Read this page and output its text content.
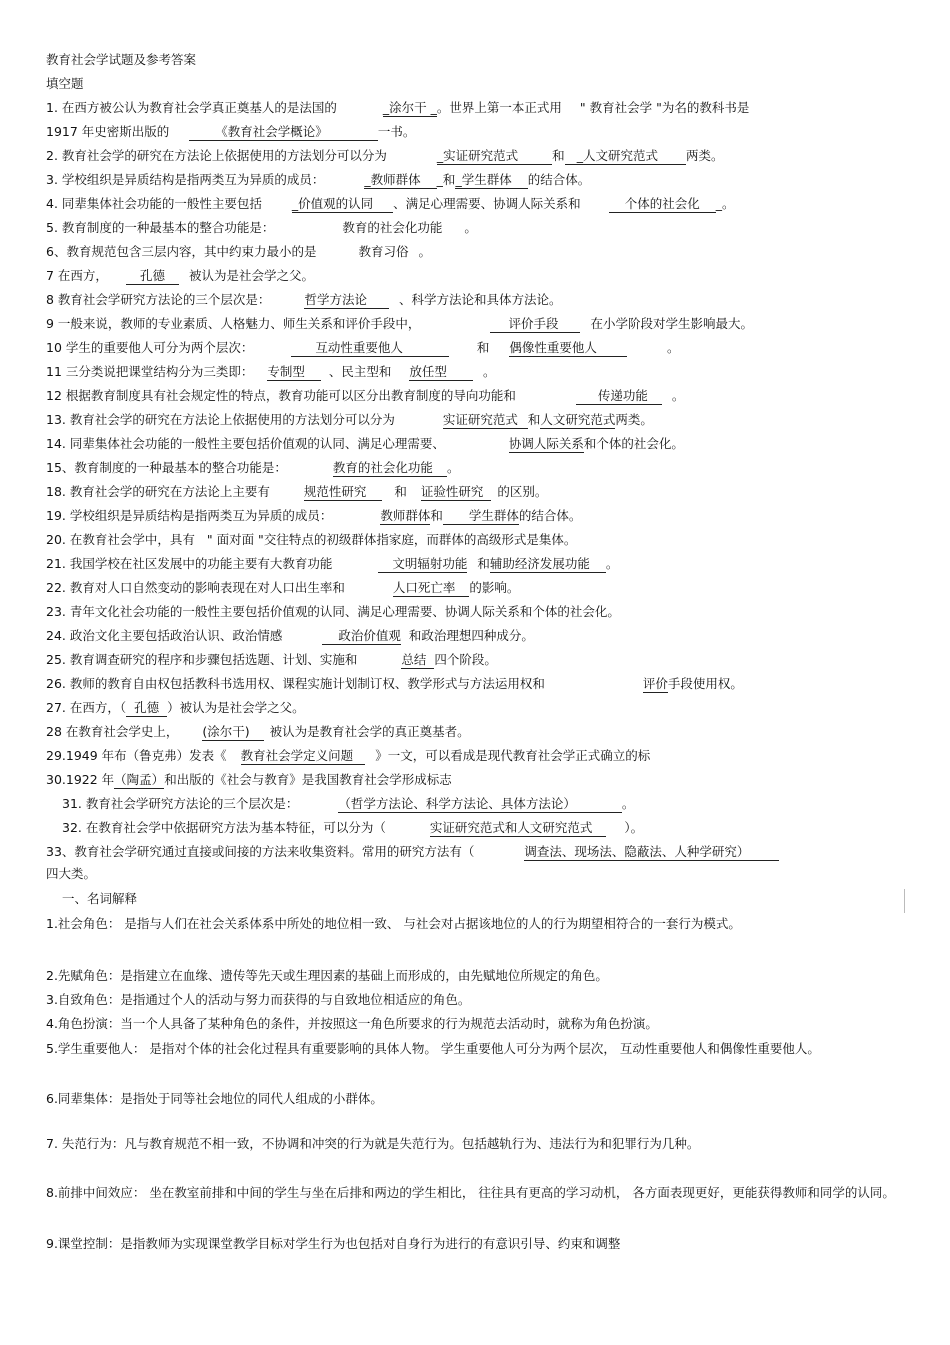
教育社会学试题及参考答案
填空题
1. 在西方被公认为教育社会学真正奠基人的是法国的	_涂尔干 _。世界上第一本正式用 " 教育社会学 "为名的教科书是
1917 年史密斯出版的	《教育社会学概论》	一书。
2. 教育社会学的研究在方法论上依据使用的方法划分可以分为	_实证研究范式	和 _人文研究范式 两类。
3. 学校组织是异质结构是指两类互为异质的成员：	_教师群体 _和_学生群体 的结合体。
4. 同辈集体社会功能的一般性主要包括 _价值观的认同 、满足心理需要、协调人际关系和	个体的社会化 _。
5. 教育制度的一种最基本的整合功能是：	教育的社会化功能 。
6、教育规范包含三层内容，其中约束力最小的是	教育习俗 。
7 在西方，	孔德 被认为是社会学之父。
8 教育社会学研究方法论的三个层次是：	哲学方法论	、科学方法论和具体方法论。
9 一般来说，教师的专业素质、人格魅力、师生关系和评价手段中，	评价手段	在小学阶段对学生影响最大。
10 学生的重要他人可分为两个层次：	互动性重要他人	和 偶像性重要他人	。
11 三分类说把课堂结构分为三类即： 专制型 、民主型和 放任型	。
12 根据教育制度具有社会规定性的特点，教育功能可以区分出教育制度的导向功能和	传递功能 。
13. 教育社会学的研究在方法论上依据使用的方法划分可以分为	实证研究范式 和人文研究范式两类。
14. 同辈集体社会功能的一般性主要包括价值观的认同、满足心理需要、	协调人际关系和个体的社会化。
15、教育制度的一种最基本的整合功能是：	教育的社会化功能 。
18. 教育社会学的研究在方法论上主要有	规范性研究 和 证验性研究 的区别。
19. 学校组织是异质结构是指两类互为异质的成员：	教师群体和 学生群体的结合体。
20. 在教育社会学中，具有 " 面对面 "交往特点的初级群体指家庭，而群体的高级形式是集体。
21. 我国学校在社区发展中的功能主要有大教育功能	文明辐射功能 和辅助经济发展功能 。
22. 教育对人口自然变动的影响表现在对人口出生率和	人口死亡率 的影响。
23. 青年文化社会功能的一般性主要包括价值观的认同、满足心理需要、协调人际关系和个体的社会化。
24. 政治文化主要包括政治认识、政治情感	政治价值观 和政治理想四种成分。
25. 教育调查研究的程序和步骤包括选题、计划、实施和	总结 四个阶段。
26. 教师的教育自由权包括教科书选用权、课程实施计划制订权、教学形式与方法运用权和	评价手段使用权。
27. 在西方，（ 孔德 ）被认为是社会学之父。
28 在教育社会学史上， (涂尔干) 被认为是教育社会学的真正奠基者。
29.1949 年布（鲁克弗）发表《 教育社会学定义问题 》一文，可以看成是现代教育社会学正式确立的标
30.1922 年（陶孟）和出版的《社会与教育》是我国教育社会学形成标志
31. 教育社会学研究方法论的三个层次是：	（哲学方法论、科学方法论、具体方法论）	。
32. 在教育社会学中依据研究方法为基本特征，可以分为（	实证研究范式和人文研究范式	）。
33、教育社会学研究通过直接或间接的方法来收集资料。常用的研究方法有（	调查法、现场法、隐蔽法、人种学研究）
四大类。
一、名词解释
1.社会角色： 是指与人们在社会关系体系中所处的地位相一致、 与社会对占据该地位的人的行为期望相符合的一套行为模式。
2.先赋角色：是指建立在血缘、遗传等先天或生理因素的基础上而形成的，由先赋地位所规定的角色。
3.自致角色：是指通过个人的活动与努力而获得的与自致地位相适应的角色。
4.角色扮演：当一个人具备了某种角色的条件，并按照这一角色所要求的行为规范去活动时，就称为角色扮演。
5.学生重要他人： 是指对个体的社会化过程具有重要影响的具体人物。 学生重要他人可分为两个层次， 互动性重要他人和偶像性重要他人。
6.同辈集体：是指处于同等社会地位的同代人组成的小群体。
7. 失范行为：凡与教育规范不相一致，不协调和冲突的行为就是失范行为。包括越轨行为、违法行为和犯罪行为几种。
8.前排中间效应： 坐在教室前排和中间的学生与坐在后排和两边的学生相比， 往往具有更高的学习动机， 各方面表现更好，更能获得教师和同学的认同。
9.课堂控制：是指教师为实现课堂教学目标对学生行为也包括对自身行为进行的有意识引导、约束和调整
